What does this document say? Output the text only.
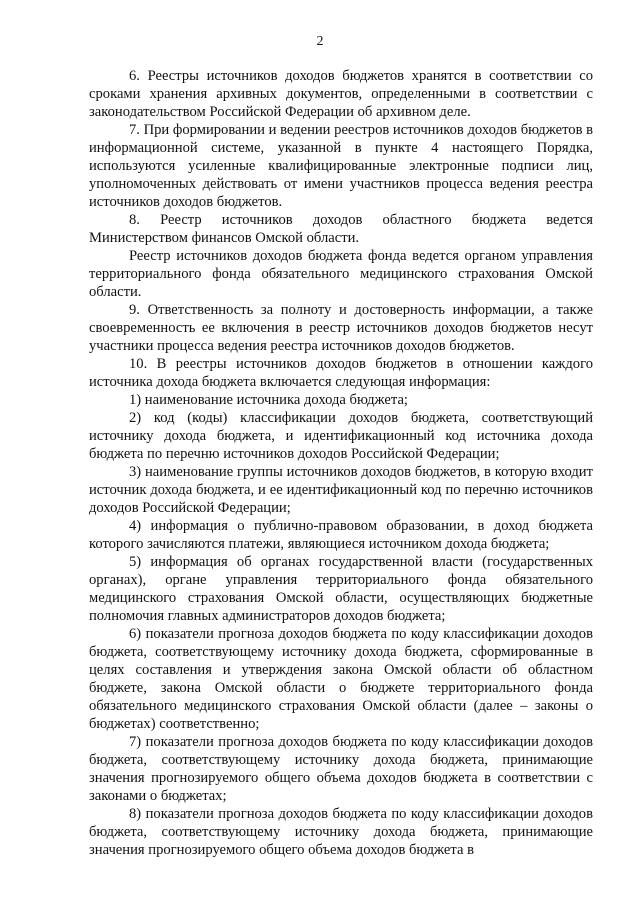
2

6. Реестры источников доходов бюджетов хранятся в соответствии со сроками хранения архивных документов, определенными в соответствии с законодательством Российской Федерации об архивном деле.

7. При формировании и ведении реестров источников доходов бюджетов в информационной системе, указанной в пункте 4 настоящего Порядка, используются усиленные квалифицированные электронные подписи лиц, уполномоченных действовать от имени участников процесса ведения реестра источников доходов бюджетов.

8. Реестр источников доходов областного бюджета ведется Министерством финансов Омской области.

Реестр источников доходов бюджета фонда ведется органом управления территориального фонда обязательного медицинского страхования Омской области.

9. Ответственность за полноту и достоверность информации, а также своевременность ее включения в реестр источников доходов бюджетов несут участники процесса ведения реестра источников доходов бюджетов.

10. В реестры источников доходов бюджетов в отношении каждого источника дохода бюджета включается следующая информация:

1) наименование источника дохода бюджета;

2) код (коды) классификации доходов бюджета, соответствующий источнику дохода бюджета, и идентификационный код источника дохода бюджета по перечню источников доходов Российской Федерации;

3) наименование группы источников доходов бюджетов, в которую входит источник дохода бюджета, и ее идентификационный код по перечню источников доходов Российской Федерации;

4) информация о публично-правовом образовании, в доход бюджета которого зачисляются платежи, являющиеся источником дохода бюджета;

5) информация об органах государственной власти (государственных органах), органе управления территориального фонда обязательного медицинского страхования Омской области, осуществляющих бюджетные полномочия главных администраторов доходов бюджета;

6) показатели прогноза доходов бюджета по коду классификации доходов бюджета, соответствующему источнику дохода бюджета, сформированные в целях составления и утверждения закона Омской области об областном бюджете, закона Омской области о бюджете территориального фонда обязательного медицинского страхования Омской области (далее – законы о бюджетах) соответственно;

7) показатели прогноза доходов бюджета по коду классификации доходов бюджета, соответствующему источнику дохода бюджета, принимающие значения прогнозируемого общего объема доходов бюджета в соответствии с законами о бюджетах;

8) показатели прогноза доходов бюджета по коду классификации доходов бюджета, соответствующему источнику дохода бюджета, принимающие значения прогнозируемого общего объема доходов бюджета в
